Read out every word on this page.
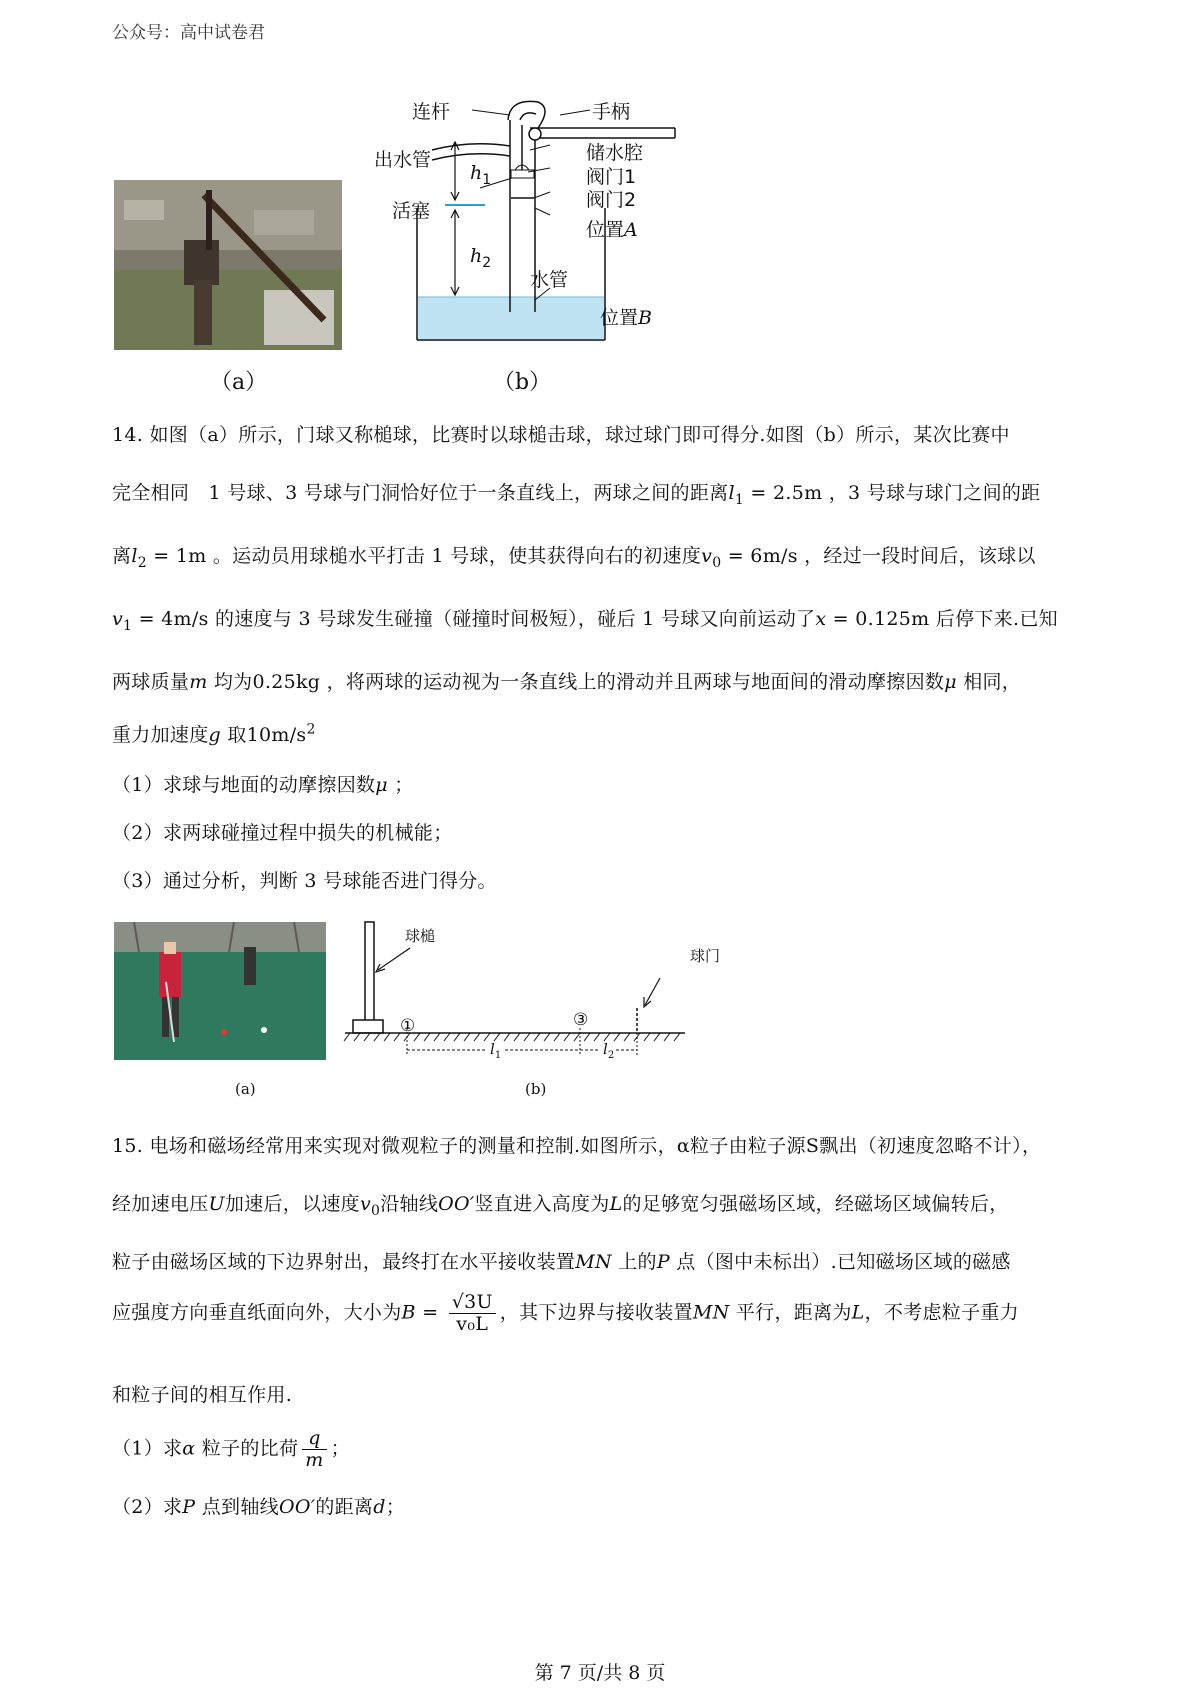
公众号：高中试卷君
（a）
连杆	手柄
出水管	储水腔
$h_1$	阀门1
活塞	阀门2
位置A
$h_2$
水管
位置B
（b）
14. 如图（a）所示，门球又称槌球，比赛时以球槌击球，球过球门即可得分.如图（b）所示，某次比赛中
完全相同　1 号球、3 号球与门洞恰好位于一条直线上，两球之间的距离$l_1 = 2.5m$ ，3 号球与球门之间的距
离$l_2 = 1m$ 。运动员用球槌水平打击 1 号球，使其获得向右的初速度$v_0 = 6m/s$ ，经过一段时间后，该球以
$v_1 = 4m/s$ 的速度与 3 号球发生碰撞（碰撞时间极短），碰后 1 号球又向前运动了x = 0.125m 后停下来.已知
两球质量m 均为0.25kg ，将两球的运动视为一条直线上的滑动并且两球与地面间的滑动摩擦因数μ 相同，
重力加速度g 取$10m/s^2$
（1）求球与地面的动摩擦因数μ ；
（2）求两球碰撞过程中损失的机械能；
（3）通过分析，判断 3 号球能否进门得分。
(a)
球槌
球门
①	③
$l_1$	$l_2$
(b)
15. 电场和磁场经常用来实现对微观粒子的测量和控制.如图所示，α粒子由粒子源S飘出（初速度忽略不计），
经加速电压U加速后，以速度$v_0$沿轴线OO′竖直进入高度为L的足够宽匀强磁场区域，经磁场区域偏转后，
粒子由磁场区域的下边界射出，最终打在水平接收装置MN 上的P 点（图中未标出）.已知磁场区域的磁感
应强度方向垂直纸面向外，大小为$B = \frac{√3U}{\text{v₀L}}$ ，其下边界与接收装置MN 平行，距离为L，不考虑粒子重力
和粒子间的相互作用.
（1）求α 粒子的比荷 $\frac{q}{m}$ ；
（2）求P 点到轴线OO′的距离d；
第 7 页/共 8 页
